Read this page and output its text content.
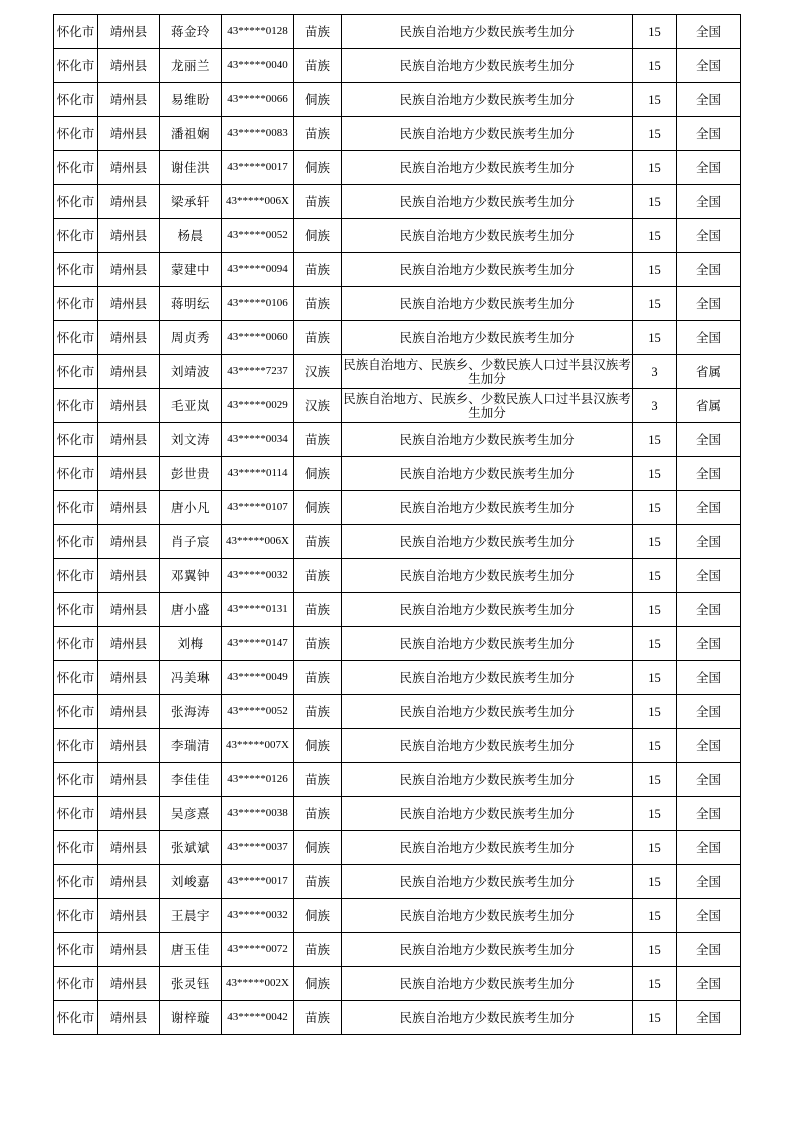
怀化市	靖州县	蒋金玲	43*****0128	苗族	民族自治地方少数民族考生加分	15	全国
怀化市	靖州县	龙丽兰	43*****0040	苗族	民族自治地方少数民族考生加分	15	全国
怀化市	靖州县	易维盼	43*****0066	侗族	民族自治地方少数民族考生加分	15	全国
怀化市	靖州县	潘祖娴	43*****0083	苗族	民族自治地方少数民族考生加分	15	全国
怀化市	靖州县	谢佳洪	43*****0017	侗族	民族自治地方少数民族考生加分	15	全国
怀化市	靖州县	梁承轩	43*****006X	苗族	民族自治地方少数民族考生加分	15	全国
怀化市	靖州县	杨晨	43*****0052	侗族	民族自治地方少数民族考生加分	15	全国
怀化市	靖州县	蒙建中	43*****0094	苗族	民族自治地方少数民族考生加分	15	全国
怀化市	靖州县	蒋明纭	43*****0106	苗族	民族自治地方少数民族考生加分	15	全国
怀化市	靖州县	周贞秀	43*****0060	苗族	民族自治地方少数民族考生加分	15	全国
怀化市	靖州县	刘靖波	43*****7237	汉族	民族自治地方、民族乡、少数民族人口过半县汉族考生加分	3	省属
怀化市	靖州县	毛亚岚	43*****0029	汉族	民族自治地方、民族乡、少数民族人口过半县汉族考生加分	3	省属
怀化市	靖州县	刘文涛	43*****0034	苗族	民族自治地方少数民族考生加分	15	全国
怀化市	靖州县	彭世贵	43*****0114	侗族	民族自治地方少数民族考生加分	15	全国
怀化市	靖州县	唐小凡	43*****0107	侗族	民族自治地方少数民族考生加分	15	全国
怀化市	靖州县	肖子宸	43*****006X	苗族	民族自治地方少数民族考生加分	15	全国
怀化市	靖州县	邓翼钟	43*****0032	苗族	民族自治地方少数民族考生加分	15	全国
怀化市	靖州县	唐小盛	43*****0131	苗族	民族自治地方少数民族考生加分	15	全国
怀化市	靖州县	刘梅	43*****0147	苗族	民族自治地方少数民族考生加分	15	全国
怀化市	靖州县	冯美琳	43*****0049	苗族	民族自治地方少数民族考生加分	15	全国
怀化市	靖州县	张海涛	43*****0052	苗族	民族自治地方少数民族考生加分	15	全国
怀化市	靖州县	李瑞清	43*****007X	侗族	民族自治地方少数民族考生加分	15	全国
怀化市	靖州县	李佳佳	43*****0126	苗族	民族自治地方少数民族考生加分	15	全国
怀化市	靖州县	吴彦熹	43*****0038	苗族	民族自治地方少数民族考生加分	15	全国
怀化市	靖州县	张斌斌	43*****0037	侗族	民族自治地方少数民族考生加分	15	全国
怀化市	靖州县	刘峻嘉	43*****0017	苗族	民族自治地方少数民族考生加分	15	全国
怀化市	靖州县	王晨宇	43*****0032	侗族	民族自治地方少数民族考生加分	15	全国
怀化市	靖州县	唐玉佳	43*****0072	苗族	民族自治地方少数民族考生加分	15	全国
怀化市	靖州县	张灵钰	43*****002X	侗族	民族自治地方少数民族考生加分	15	全国
怀化市	靖州县	谢梓璇	43*****0042	苗族	民族自治地方少数民族考生加分	15	全国
